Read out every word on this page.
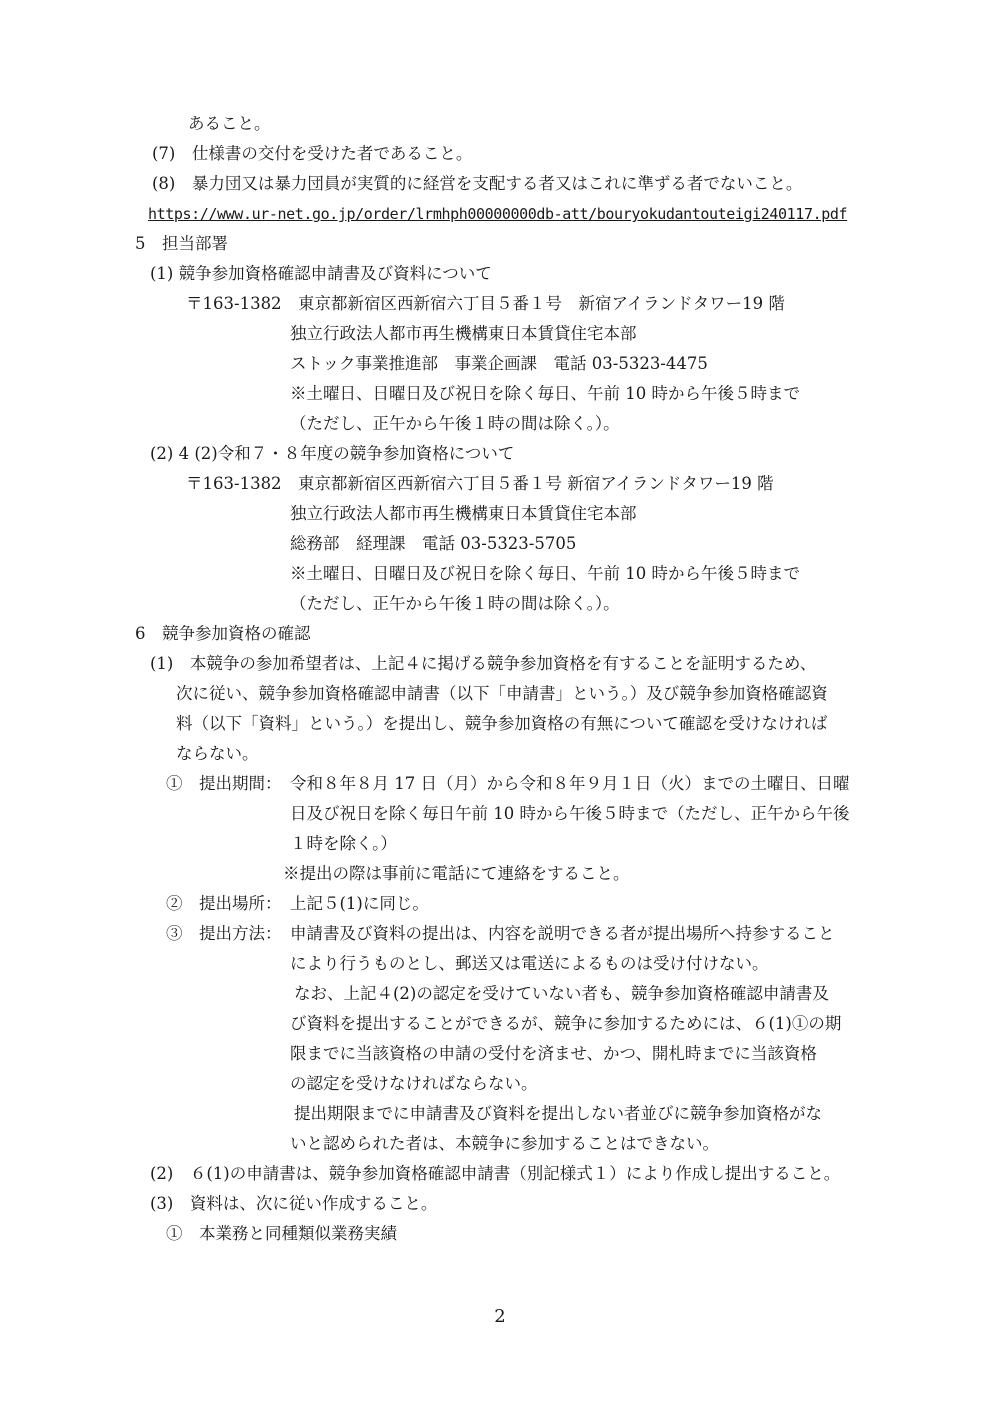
あること。
(7)　仕様書の交付を受けた者であること。
(8)　暴力団又は暴力団員が実質的に経営を支配する者又はこれに準ずる者でないこと。
https://www.ur-net.go.jp/order/lrmhph00000000db-att/bouryokudantouteigi240117.pdf
5　担当部署
(1) 競争参加資格確認申請書及び資料について
〒163-1382　東京都新宿区西新宿六丁目５番１号　新宿アイランドタワー19 階
独立行政法人都市再生機構東日本賃貸住宅本部
ストック事業推進部　事業企画課　電話 03-5323-4475
※土曜日、日曜日及び祝日を除く毎日、午前 10 時から午後５時まで
（ただし、正午から午後１時の間は除く。）。
(2) 4 (2)令和７・８年度の競争参加資格について
〒163-1382　東京都新宿区西新宿六丁目５番１号 新宿アイランドタワー19 階
独立行政法人都市再生機構東日本賃貸住宅本部
総務部　経理課　電話 03-5323-5705
※土曜日、日曜日及び祝日を除く毎日、午前 10 時から午後５時まで
（ただし、正午から午後１時の間は除く。）。
6　競争参加資格の確認
(1)　本競争の参加希望者は、上記４に掲げる競争参加資格を有することを証明するため、
次に従い、競争参加資格確認申請書（以下「申請書」という。）及び競争参加資格確認資
料（以下「資料」という。）を提出し、競争参加資格の有無について確認を受けなければ
ならない。
①　提出期間： 令和８年８月 17 日（月）から令和８年９月１日（火）までの土曜日、日曜
日及び祝日を除く毎日午前 10 時から午後５時まで（ただし、正午から午後
１時を除く。）
※提出の際は事前に電話にて連絡をすること。
②　提出場所： 上記５(1)に同じ。
③　提出方法： 申請書及び資料の提出は、内容を説明できる者が提出場所へ持参すること
により行うものとし、郵送又は電送によるものは受け付けない。
なお、上記４(2)の認定を受けていない者も、競争参加資格確認申請書及
び資料を提出することができるが、競争に参加するためには、６(1)①の期
限までに当該資格の申請の受付を済ませ、かつ、開札時までに当該資格
の認定を受けなければならない。
提出期限までに申請書及び資料を提出しない者並びに競争参加資格がな
いと認められた者は、本競争に参加することはできない。
(2)　６(1)の申請書は、競争参加資格確認申請書（別記様式１）により作成し提出すること。
(3)　資料は、次に従い作成すること。
①　本業務と同種類似業務実績
2
